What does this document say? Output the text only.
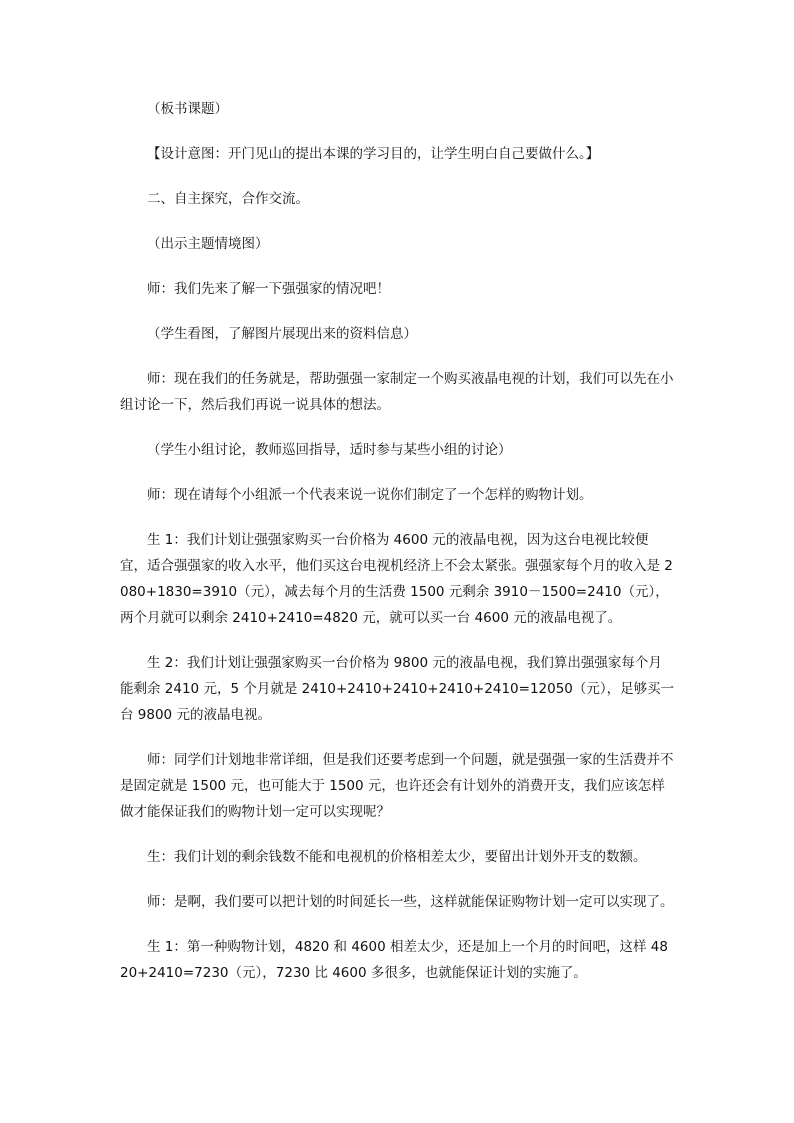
（板书课题）

【设计意图：开门见山的提出本课的学习目的，让学生明白自己要做什么。】

二、自主探究，合作交流。

（出示主题情境图）

师：我们先来了解一下强强家的情况吧！

（学生看图，了解图片展现出来的资料信息）

师：现在我们的任务就是，帮助强强一家制定一个购买液晶电视的计划，我们可以先在小组讨论一下，然后我们再说一说具体的想法。

（学生小组讨论，教师巡回指导，适时参与某些小组的讨论）

师：现在请每个小组派一个代表来说一说你们制定了一个怎样的购物计划。

生 1：我们计划让强强家购买一台价格为 4600 元的液晶电视，因为这台电视比较便宜，适合强强家的收入水平，他们买这台电视机经济上不会太紧张。强强家每个月的收入是 2080+1830=3910（元），减去每个月的生活费 1500 元剩余 3910－1500=2410（元），两个月就可以剩余 2410+2410=4820 元，就可以买一台 4600 元的液晶电视了。

生 2：我们计划让强强家购买一台价格为 9800 元的液晶电视，我们算出强强家每个月能剩余 2410 元，5 个月就是 2410+2410+2410+2410+2410=12050（元），足够买一台 9800 元的液晶电视。

师：同学们计划地非常详细，但是我们还要考虑到一个问题，就是强强一家的生活费并不是固定就是 1500 元，也可能大于 1500 元，也许还会有计划外的消费开支，我们应该怎样做才能保证我们的购物计划一定可以实现呢？

生：我们计划的剩余钱数不能和电视机的价格相差太少，要留出计划外开支的数额。

师：是啊，我们要可以把计划的时间延长一些，这样就能保证购物计划一定可以实现了。

生 1：第一种购物计划，4820 和 4600 相差太少，还是加上一个月的时间吧，这样 4820+2410=7230（元），7230 比 4600 多很多，也就能保证计划的实施了。
